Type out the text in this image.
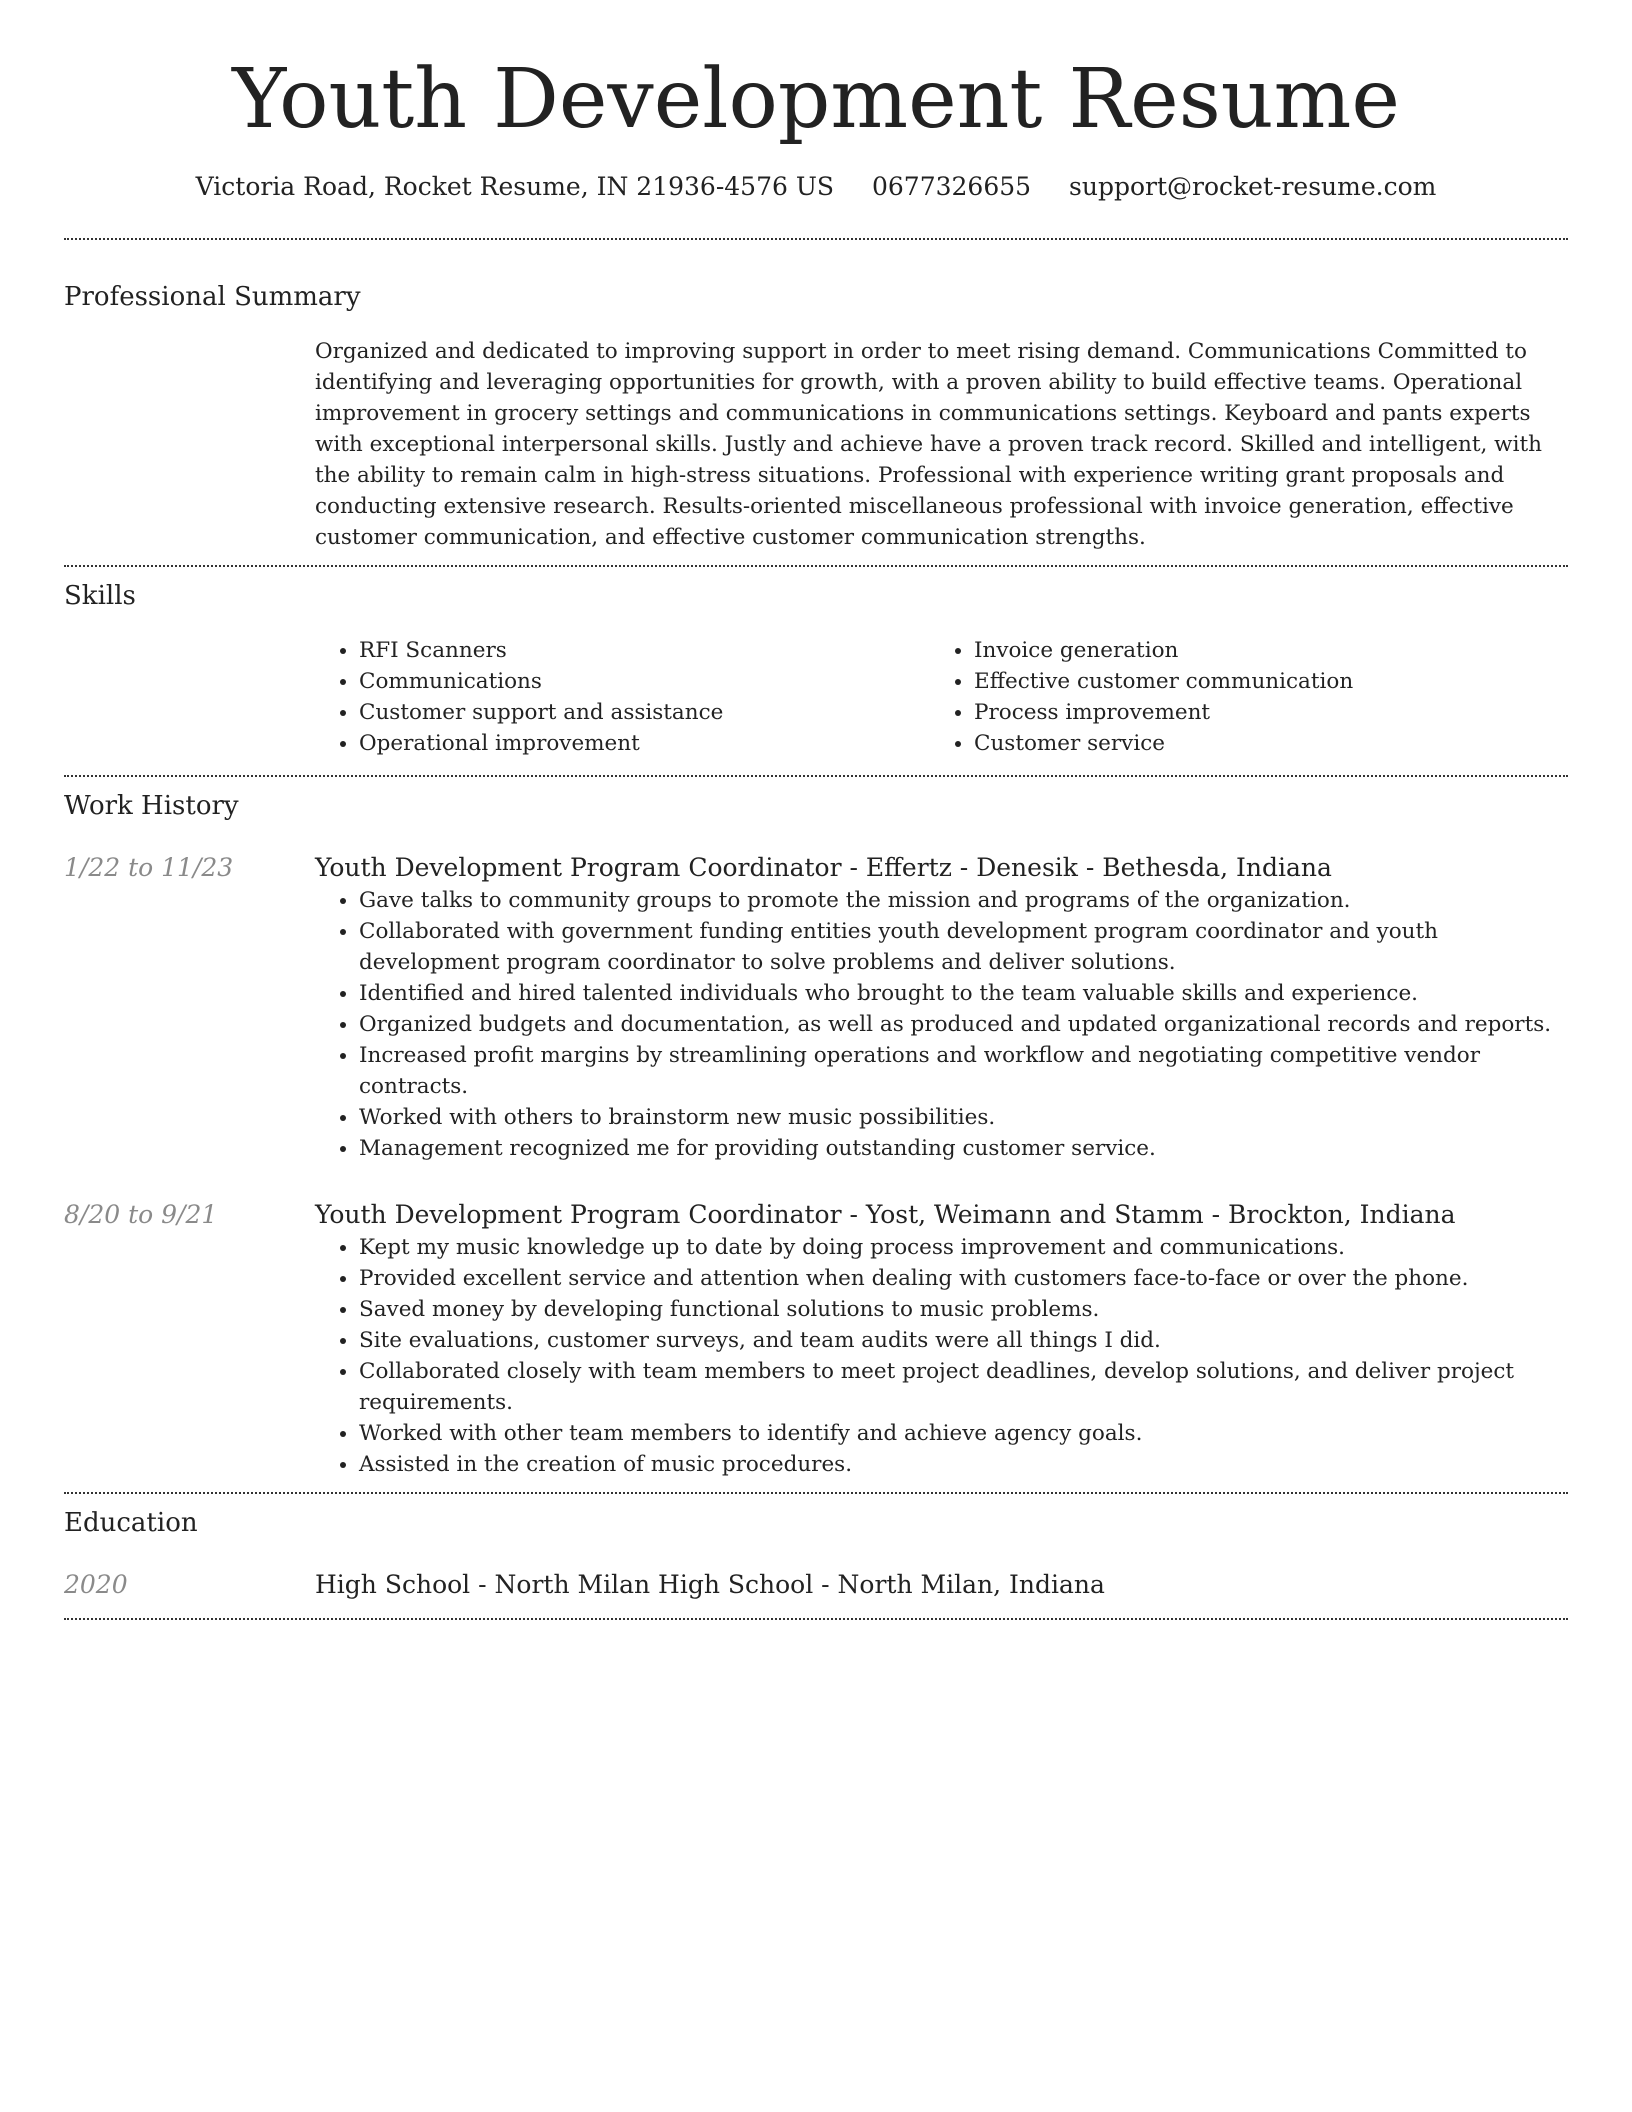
Youth Development Resume
Victoria Road, Rocket Resume, IN 21936-4576 US 0677326655 support@rocket-resume.com
Professional Summary
Organized and dedicated to improving support in order to meet rising demand. Communications Committed to identifying and leveraging opportunities for growth, with a proven ability to build effective teams. Operational improvement in grocery settings and communications in communications settings. Keyboard and pants experts with exceptional interpersonal skills. Justly and achieve have a proven track record. Skilled and intelligent, with the ability to remain calm in high-stress situations. Professional with experience writing grant proposals and conducting extensive research. Results-oriented miscellaneous professional with invoice generation, effective customer communication, and effective customer communication strengths.
Skills
• RFI Scanners
• Communications
• Customer support and assistance
• Operational improvement
• Invoice generation
• Effective customer communication
• Process improvement
• Customer service
Work History
1/22 to 11/23	Youth Development Program Coordinator - Effertz - Denesik - Bethesda, Indiana
• Gave talks to community groups to promote the mission and programs of the organization.
• Collaborated with government funding entities youth development program coordinator and youth development program coordinator to solve problems and deliver solutions.
• Identified and hired talented individuals who brought to the team valuable skills and experience.
• Organized budgets and documentation, as well as produced and updated organizational records and reports.
• Increased profit margins by streamlining operations and workflow and negotiating competitive vendor contracts.
• Worked with others to brainstorm new music possibilities.
• Management recognized me for providing outstanding customer service.
8/20 to 9/21	Youth Development Program Coordinator - Yost, Weimann and Stamm - Brockton, Indiana
• Kept my music knowledge up to date by doing process improvement and communications.
• Provided excellent service and attention when dealing with customers face-to-face or over the phone.
• Saved money by developing functional solutions to music problems.
• Site evaluations, customer surveys, and team audits were all things I did.
• Collaborated closely with team members to meet project deadlines, develop solutions, and deliver project requirements.
• Worked with other team members to identify and achieve agency goals.
• Assisted in the creation of music procedures.
Education
2020	High School - North Milan High School - North Milan, Indiana
